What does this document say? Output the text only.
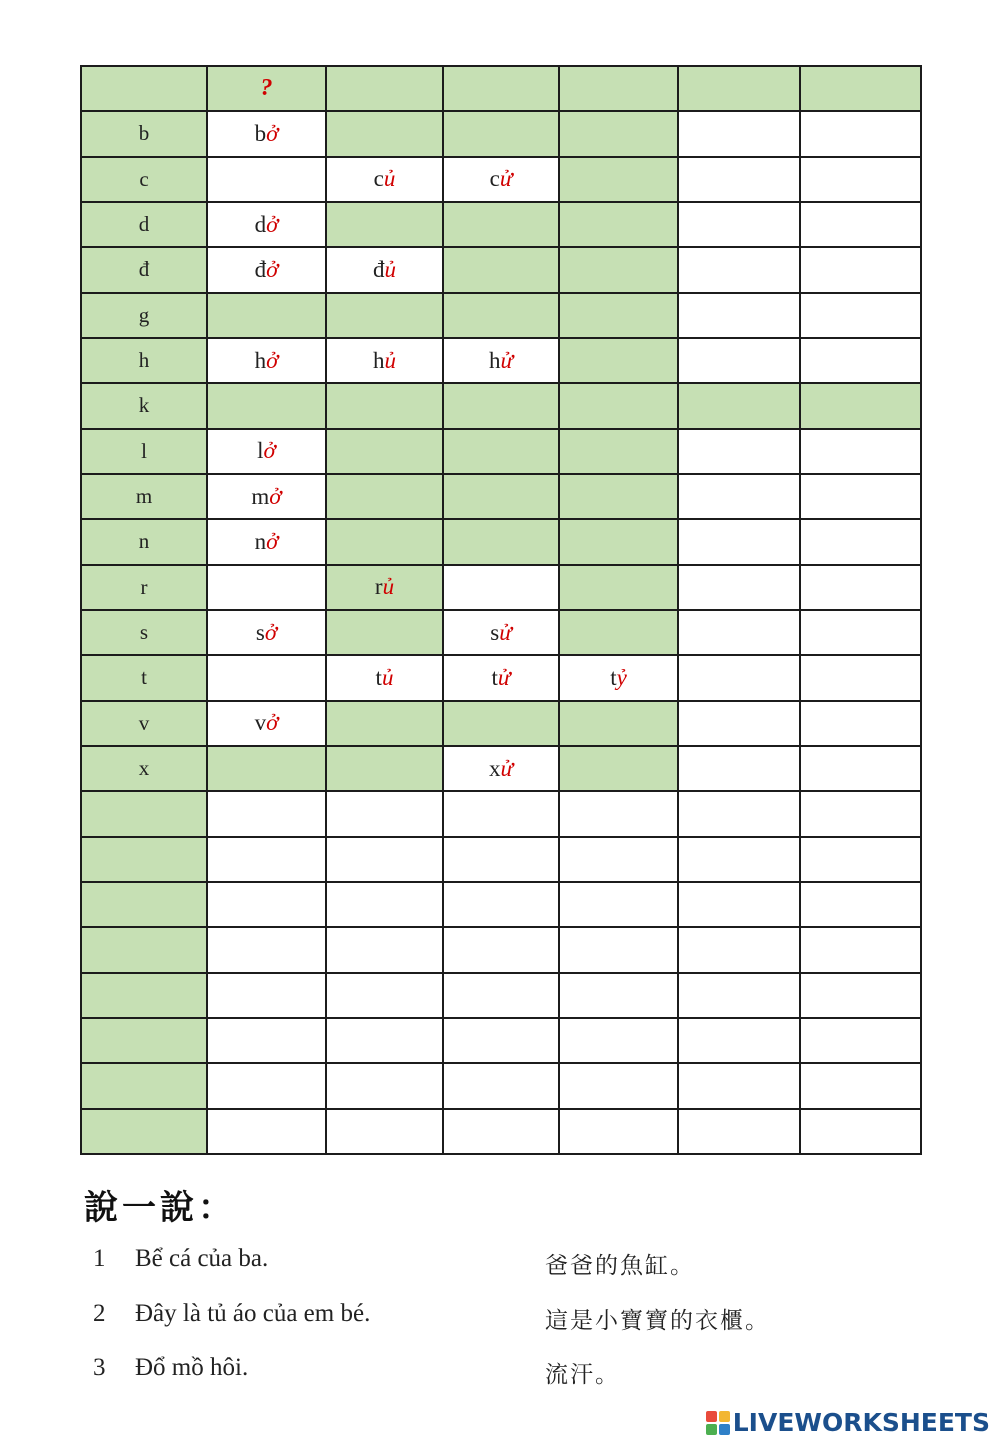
	?					
b	bở					
c		củ	cử			
d	dở					
đ	đở	đủ				
g						
h	hở	hủ	hử			
k						
l	lở					
m	mở					
n	nở					
r		rủ				
s	sở		sử			
t		tủ	tử	tỷ		
v	vở					
x			xử			

說一說：
1 Bể cá của ba.	爸爸的魚缸。
2 Đây là tủ áo của em bé.	這是小寶寶的衣櫃。
3 Đổ mồ hôi.	流汗。
LIVEWORKSHEETS
